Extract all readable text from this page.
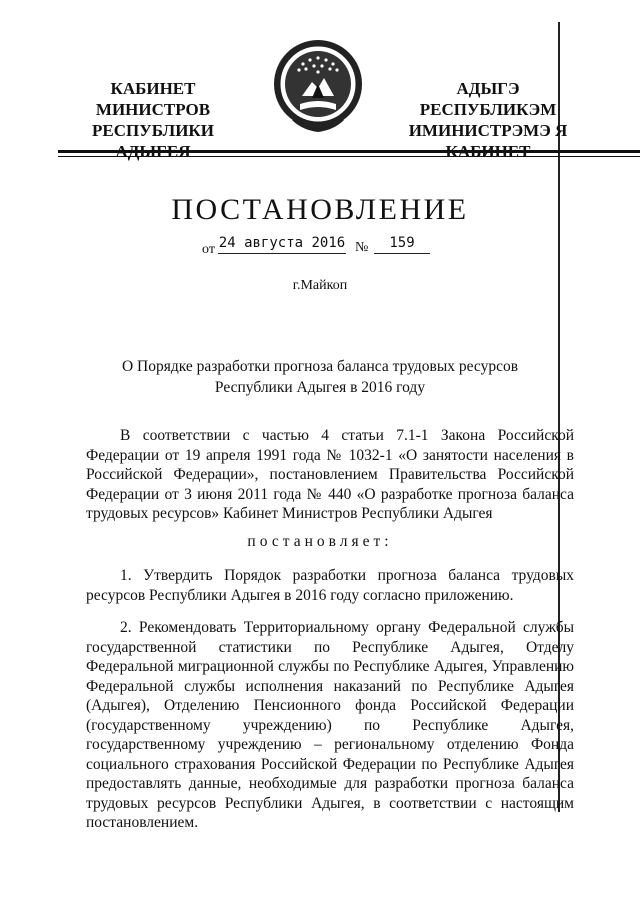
КАБИНЕТ МИНИСТРОВ
РЕСПУБЛИКИ
АДЫГЭ РЕСПУБЛИКЭМ
ИМИНИСТРЭМЭ Я
ПОСТАНОВЛЕНИЕ
от 24 августа 2016 №	159
г.Майкоп
О Порядке разработки прогноза баланса трудовых ресурсов
Республики Адыгея в 2016 году
В соответствии с частью 4 статьи 7.1-1 Закона Российской Федерации от 19 апреля 1991 года № 1032-1 «О занятости населения в Российской Федерации», постановлением Правительства Российской Федерации от 3 июня 2011 года № 440 «О разработке прогноза баланса трудовых ресурсов» Кабинет Министров Республики Адыгея
постановляет:
1. Утвердить Порядок разработки прогноза баланса трудовых ресурсов Республики Адыгея в 2016 году согласно приложению.
2. Рекомендовать Территориальному органу Федеральной службы государственной статистики по Республике Адыгея, Отделу Федеральной миграционной службы по Республике Адыгея, Управлению Федеральной службы исполнения наказаний по Республике Адыгея (Адыгея), Отделению Пенсионного фонда Российской Федерации (государственному учреждению) по Республике Адыгея, государственному учреждению – региональному отделению Фонда социального страхования Российской Федерации по Республике Адыгея предоставлять данные, необходимые для разработки прогноза баланса трудовых ресурсов Республики Адыгея, в соответствии с настоящим постановлением.
